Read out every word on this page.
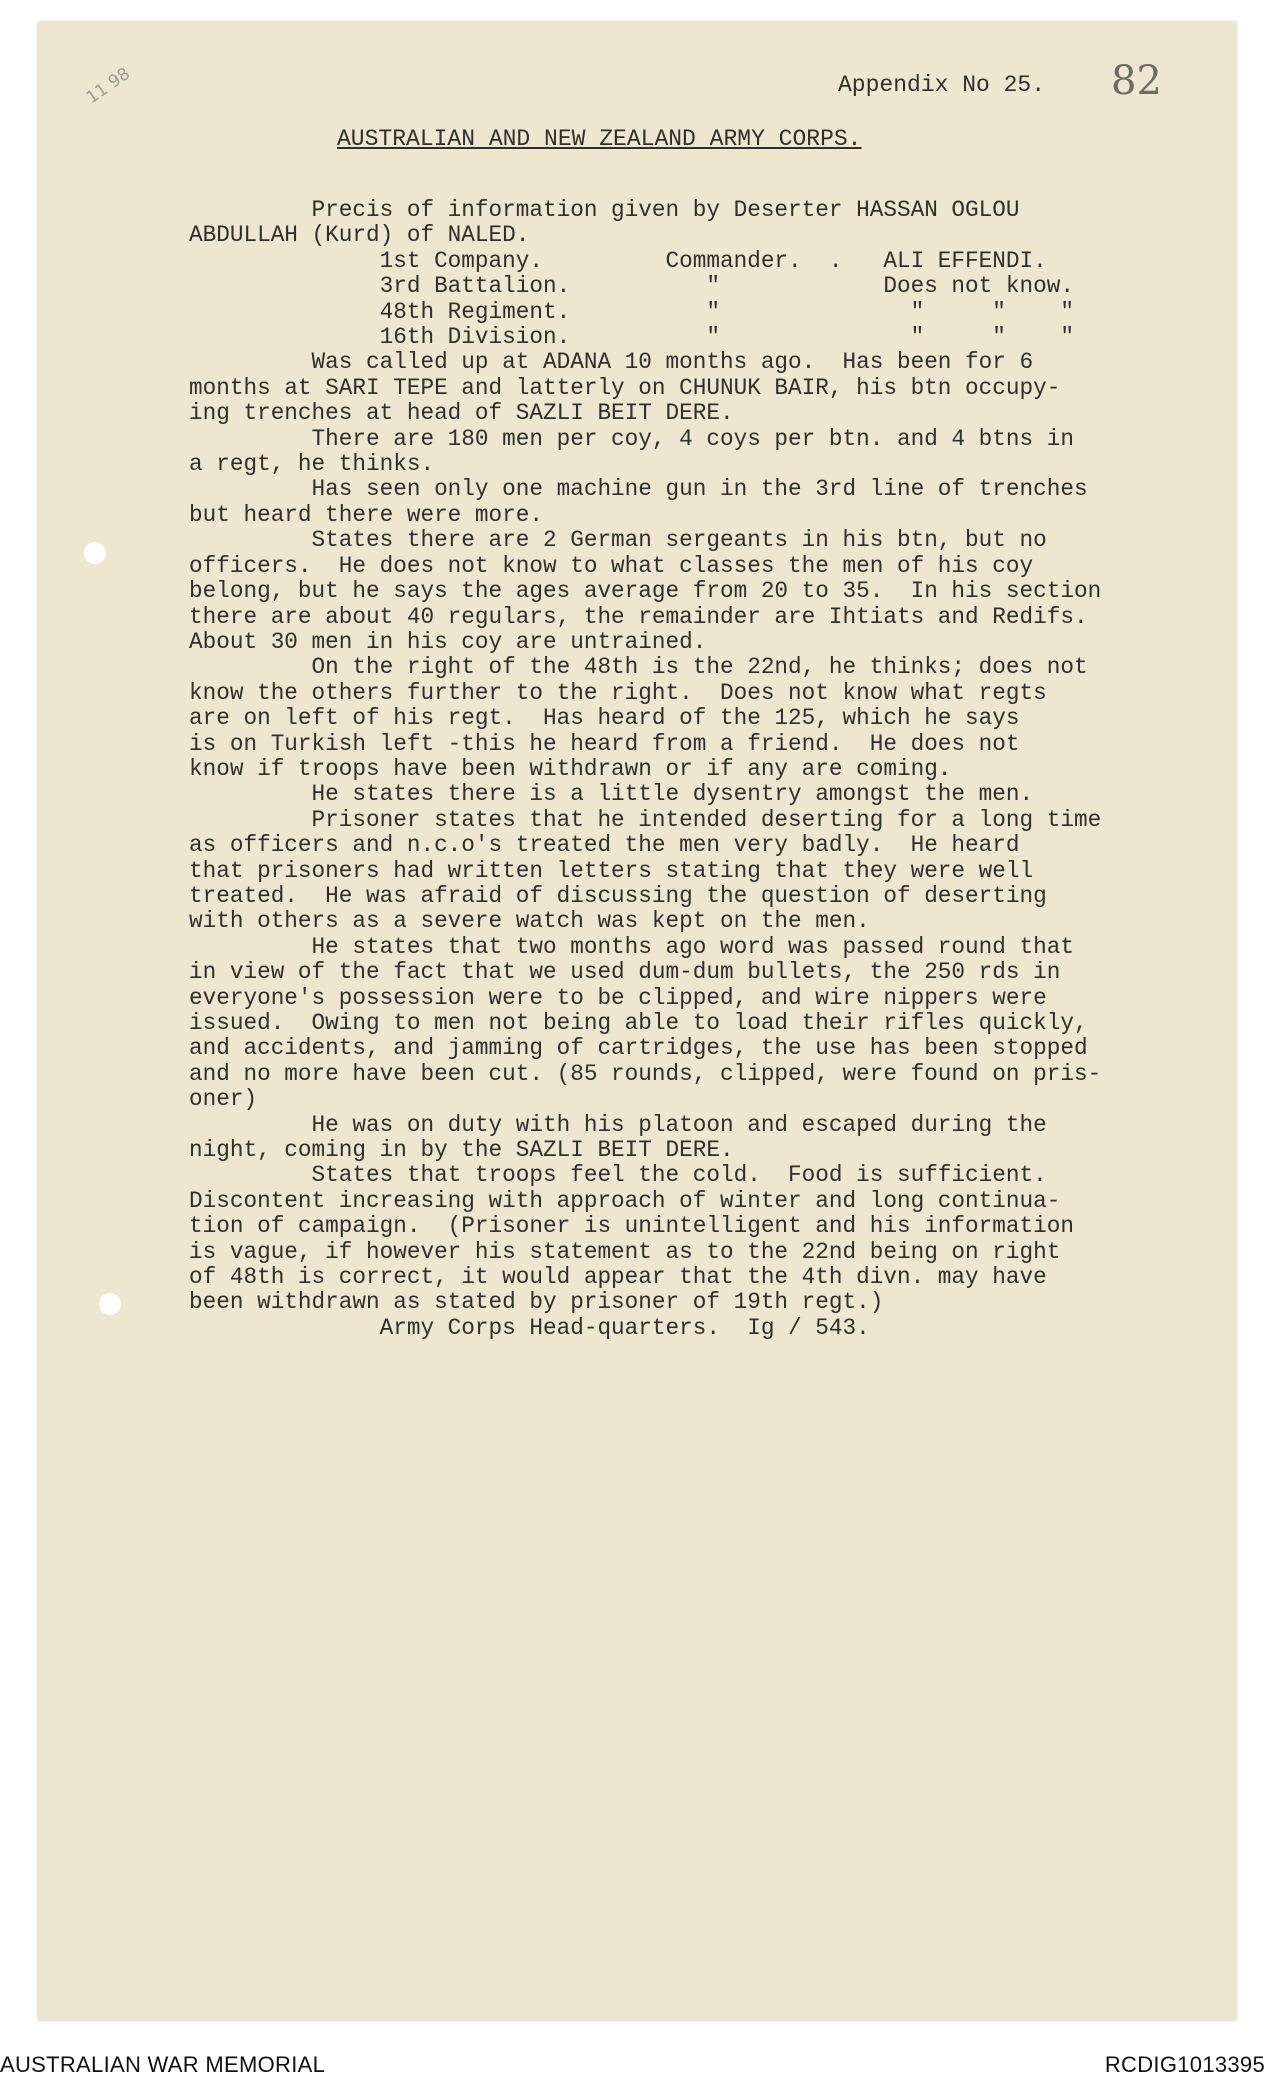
11 98	82
Appendix No 25.
AUSTRALIAN AND NEW ZEALAND ARMY CORPS.
Precis of information given by Deserter HASSAN OGLOU
ABDULLAH (Kurd) of NALED.
1st Company.         Commander.  .   ALI EFFENDI.
3rd Battalion.          "            Does not know.
48th Regiment.          "              "     "    "
16th Division.          "              "     "    "
Was called up at ADANA 10 months ago.  Has been for 6
months at SARI TEPE and latterly on CHUNUK BAIR, his btn occupy-
ing trenches at head of SAZLI BEIT DERE.
There are 180 men per coy, 4 coys per btn. and 4 btns in
a regt, he thinks.
Has seen only one machine gun in the 3rd line of trenches
but heard there were more.
States there are 2 German sergeants in his btn, but no
officers.  He does not know to what classes the men of his coy
belong, but he says the ages average from 20 to 35.  In his section
there are about 40 regulars, the remainder are Ihtiats and Redifs.
About 30 men in his coy are untrained.
On the right of the 48th is the 22nd, he thinks; does not
know the others further to the right.  Does not know what regts
are on left of his regt.  Has heard of the 125, which he says
is on Turkish left -this he heard from a friend.  He does not
know if troops have been withdrawn or if any are coming.
He states there is a little dysentry amongst the men.
Prisoner states that he intended deserting for a long time
as officers and n.c.o's treated the men very badly.  He heard
that prisoners had written letters stating that they were well
treated.  He was afraid of discussing the question of deserting
with others as a severe watch was kept on the men.
He states that two months ago word was passed round that
in view of the fact that we used dum-dum bullets, the 250 rds in
everyone's possession were to be clipped, and wire nippers were
issued.  Owing to men not being able to load their rifles quickly,
and accidents, and jamming of cartridges, the use has been stopped
and no more have been cut. (85 rounds, clipped, were found on pris-
oner)
He was on duty with his platoon and escaped during the
night, coming in by the SAZLI BEIT DERE.
States that troops feel the cold.  Food is sufficient.
Discontent increasing with approach of winter and long continua-
tion of campaign.  (Prisoner is unintelligent and his information
is vague, if however his statement as to the 22nd being on right
of 48th is correct, it would appear that the 4th divn. may have
been withdrawn as stated by prisoner of 19th regt.)
Army Corps Head-quarters.  Ig / 543.
AUSTRALIAN WAR MEMORIAL	RCDIG1013395
